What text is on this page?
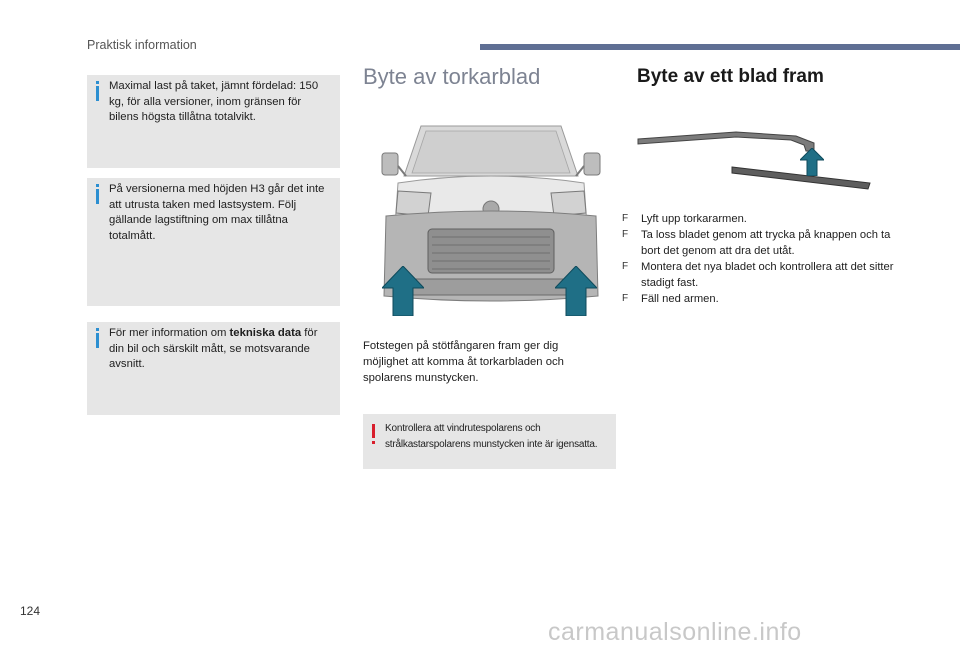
Praktisk information
Maximal last på taket, jämnt fördelad: 150 kg, för alla versioner, inom gränsen för bilens högsta tillåtna totalvikt.
På versionerna med höjden H3 går det inte att utrusta taken med lastsystem. Följ gällande lagstiftning om max tillåtna totalmått.
För mer information om tekniska data för din bil och särskilt mått, se motsvarande avsnitt.
Byte av torkarblad
Fotstegen på stötfångaren fram ger dig möjlighet att komma åt torkarbladen och spolarens munstycken.
Kontrollera att vindrutespolarens och strålkastarspolarens munstycken inte är igensatta.
Byte av ett blad fram
F Lyft upp torkararmen.
F Ta loss bladet genom att trycka på knappen och ta bort det genom att dra det utåt.
F Montera det nya bladet och kontrollera att det sitter stadigt fast.
F Fäll ned armen.
124
carmanualsonline.info
